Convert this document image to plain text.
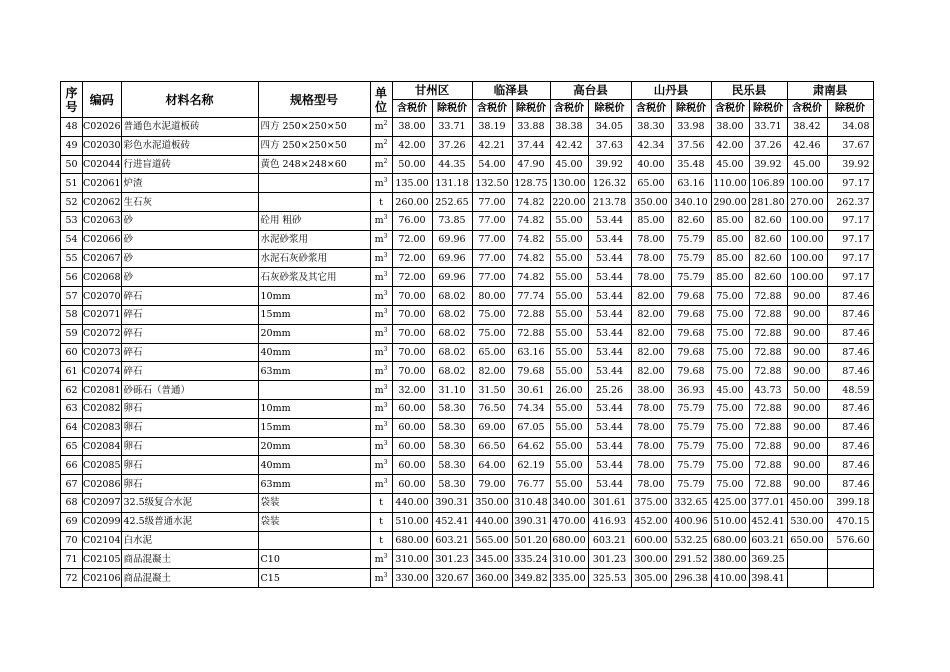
序号	编码	材料名称	规格型号	单位	甘州区		临泽县		高台县		山丹县		民乐县		肃南县	
					含税价	除税价	含税价	除税价	含税价	除税价	含税价	除税价	含税价	除税价	含税价	除税价
48	C02026	普通色水泥道板砖	四方 250×250×50	$m^2$	38.00	33.71	38.19	33.88	38.38	34.05	38.30	33.98	38.00	33.71	38.42	34.08
49	C02030	彩色水泥道板砖	四方 250×250×50	$m^2$	42.00	37.26	42.21	37.44	42.42	37.63	42.34	37.56	42.00	37.26	42.46	37.67
50	C02044	行进盲道砖	黄色 248×248×60	$m^2$	50.00	44.35	54.00	47.90	45.00	39.92	40.00	35.48	45.00	39.92	45.00	39.92
51	C02061	炉渣		$m^3$	135.00	131.18	132.50	128.75	130.00	126.32	65.00	63.16	110.00	106.89	100.00	97.17
52	C02062	生石灰		t	260.00	252.65	77.00	74.82	220.00	213.78	350.00	340.10	290.00	281.80	270.00	262.37
53	C02063	砂	砼用 粗砂	$m^3$	76.00	73.85	77.00	74.82	55.00	53.44	85.00	82.60	85.00	82.60	100.00	97.17
54	C02066	砂	水泥砂浆用	$m^3$	72.00	69.96	77.00	74.82	55.00	53.44	78.00	75.79	85.00	82.60	100.00	97.17
55	C02067	砂	水泥石灰砂浆用	$m^3$	72.00	69.96	77.00	74.82	55.00	53.44	78.00	75.79	85.00	82.60	100.00	97.17
56	C02068	砂	石灰砂浆及其它用	$m^3$	72.00	69.96	77.00	74.82	55.00	53.44	78.00	75.79	85.00	82.60	100.00	97.17
57	C02070	碎石	10mm	$m^3$	70.00	68.02	80.00	77.74	55.00	53.44	82.00	79.68	75.00	72.88	90.00	87.46
58	C02071	碎石	15mm	$m^3$	70.00	68.02	75.00	72.88	55.00	53.44	82.00	79.68	75.00	72.88	90.00	87.46
59	C02072	碎石	20mm	$m^3$	70.00	68.02	75.00	72.88	55.00	53.44	82.00	79.68	75.00	72.88	90.00	87.46
60	C02073	碎石	40mm	$m^3$	70.00	68.02	65.00	63.16	55.00	53.44	82.00	79.68	75.00	72.88	90.00	87.46
61	C02074	碎石	63mm	$m^3$	70.00	68.02	82.00	79.68	55.00	53.44	82.00	79.68	75.00	72.88	90.00	87.46
62	C02081	砂砾石（普通）		$m^3$	32.00	31.10	31.50	30.61	26.00	25.26	38.00	36.93	45.00	43.73	50.00	48.59
63	C02082	卵石	10mm	$m^3$	60.00	58.30	76.50	74.34	55.00	53.44	78.00	75.79	75.00	72.88	90.00	87.46
64	C02083	卵石	15mm	$m^3$	60.00	58.30	69.00	67.05	55.00	53.44	78.00	75.79	75.00	72.88	90.00	87.46
65	C02084	卵石	20mm	$m^3$	60.00	58.30	66.50	64.62	55.00	53.44	78.00	75.79	75.00	72.88	90.00	87.46
66	C02085	卵石	40mm	$m^3$	60.00	58.30	64.00	62.19	55.00	53.44	78.00	75.79	75.00	72.88	90.00	87.46
67	C02086	卵石	63mm	$m^3$	60.00	58.30	79.00	76.77	55.00	53.44	78.00	75.79	75.00	72.88	90.00	87.46
68	C02097	32.5级复合水泥	袋装	t	440.00	390.31	350.00	310.48	340.00	301.61	375.00	332.65	425.00	377.01	450.00	399.18
69	C02099	42.5级普通水泥	袋装	t	510.00	452.41	440.00	390.31	470.00	416.93	452.00	400.96	510.00	452.41	530.00	470.15
70	C02104	白水泥		t	680.00	603.21	565.00	501.20	680.00	603.21	600.00	532.25	680.00	603.21	650.00	576.60
71	C02105	商品混凝土	C10	$m^3$	310.00	301.23	345.00	335.24	310.00	301.23	300.00	291.52	380.00	369.25		
72	C02106	商品混凝土	C15	$m^3$	330.00	320.67	360.00	349.82	335.00	325.53	305.00	296.38	410.00	398.41		
